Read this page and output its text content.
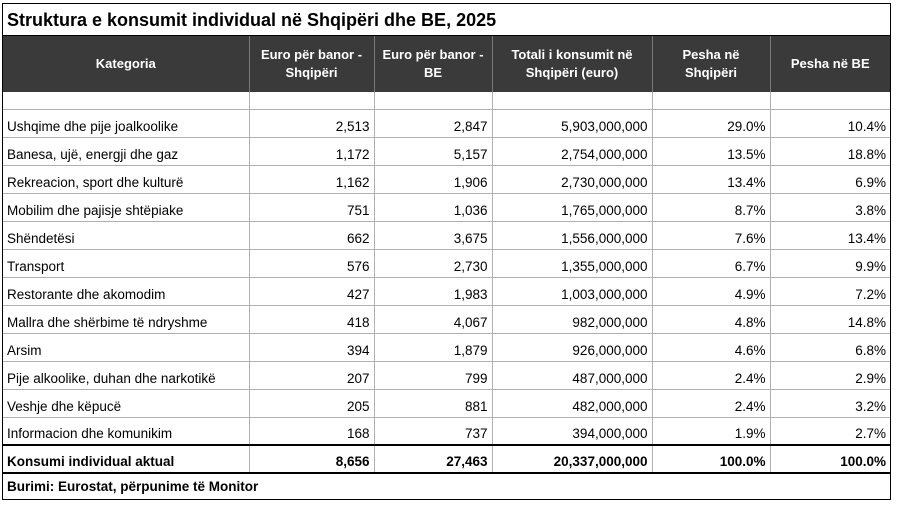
Struktura e konsumit individual në Shqipëri dhe BE, 2025
Kategoria	Euro për banor - Shqipëri	Euro për banor - BE	Totali i konsumit në Shqipëri (euro)	Pesha në Shqipëri	Pesha në BE

Ushqime dhe pije joalkoolike	2,513	2,847	5,903,000,000	29.0%	10.4%
Banesa, ujë, energji dhe gaz	1,172	5,157	2,754,000,000	13.5%	18.8%
Rekreacion, sport dhe kulturë	1,162	1,906	2,730,000,000	13.4%	6.9%
Mobilim dhe pajisje shtëpiake	751	1,036	1,765,000,000	8.7%	3.8%
Shëndetësi	662	3,675	1,556,000,000	7.6%	13.4%
Transport	576	2,730	1,355,000,000	6.7%	9.9%
Restorante dhe akomodim	427	1,983	1,003,000,000	4.9%	7.2%
Mallra dhe shërbime të ndryshme	418	4,067	982,000,000	4.8%	14.8%
Arsim	394	1,879	926,000,000	4.6%	6.8%
Pije alkoolike, duhan dhe narkotikë	207	799	487,000,000	2.4%	2.9%
Veshje dhe këpucë	205	881	482,000,000	2.4%	3.2%
Informacion dhe komunikim	168	737	394,000,000	1.9%	2.7%
Konsumi individual aktual	8,656	27,463	20,337,000,000	100.0%	100.0%
Burimi: Eurostat, përpunime të Monitor
